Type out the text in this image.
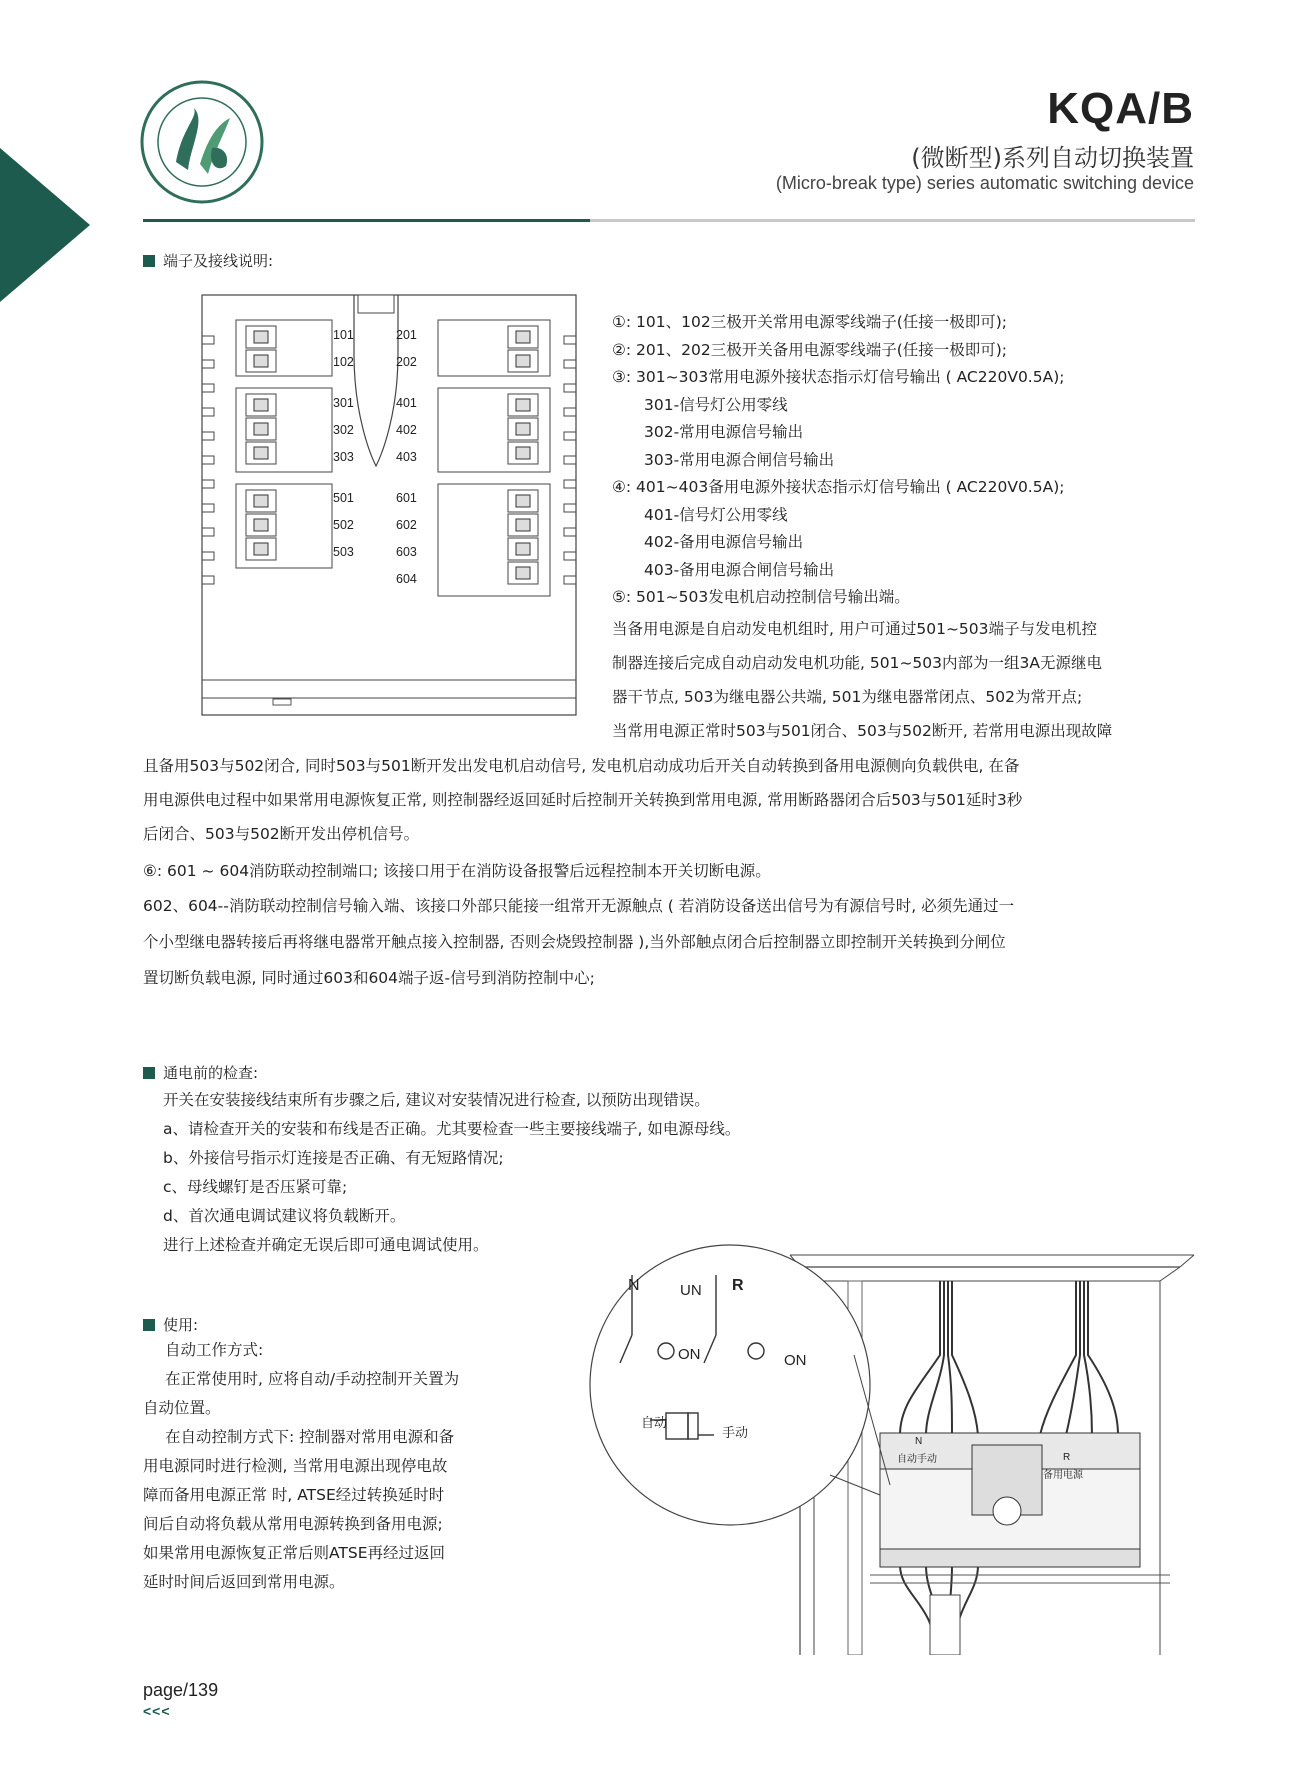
KQA/B
(微断型)系列自动切换装置
(Micro-break type) series automatic switching device
端子及接线说明:
101
102
301
302
303
501
502
503
201
202
401
402
403
601
602
603
604
①: 101、102三极开关常用电源零线端子(任接一极即可);
②: 201、202三极开关备用电源零线端子(任接一极即可);
③: 301~303常用电源外接状态指示灯信号输出 ( AC220V0.5A);
301-信号灯公用零线
302-常用电源信号输出
303-常用电源合闸信号输出
④: 401~403备用电源外接状态指示灯信号输出 ( AC220V0.5A);
401-信号灯公用零线
402-备用电源信号输出
403-备用电源合闸信号输出
⑤: 501~503发电机启动控制信号输出端。
当备用电源是自启动发电机组时, 用户可通过501~503端子与发电机控
制器连接后完成自动启动发电机功能, 501~503内部为一组3A无源继电
器干节点, 503为继电器公共端, 501为继电器常闭点、502为常开点;
当常用电源正常时503与501闭合、503与502断开, 若常用电源出现故障
且备用503与502闭合, 同时503与501断开发出发电机启动信号, 发电机启动成功后开关自动转换到备用电源侧向负载供电, 在备
用电源供电过程中如果常用电源恢复正常, 则控制器经返回延时后控制开关转换到常用电源, 常用断路器闭合后503与501延时3秒
后闭合、503与502断开发出停机信号。
⑥: 601 ~ 604消防联动控制端口; 该接口用于在消防设备报警后远程控制本开关切断电源。
602、604--消防联动控制信号输入端、该接口外部只能接一组常开无源触点 ( 若消防设备送出信号为有源信号时, 必须先通过一
个小型继电器转接后再将继电器常开触点接入控制器, 否则会烧毁控制器 ),当外部触点闭合后控制器立即控制开关转换到分闸位
置切断负载电源, 同时通过603和604端子返-信号到消防控制中心;
通电前的检查:
开关在安装接线结束所有步骤之后, 建议对安装情况进行检查, 以预防出现错误。
a、请检查开关的安装和布线是否正确。尤其要检查一些主要接线端子, 如电源母线。
b、外接信号指示灯连接是否正确、有无短路情况;
c、母线螺钉是否压紧可靠;
d、首次通电调试建议将负载断开。
进行上述检查并确定无误后即可通电调试使用。
使用:
自动工作方式:
在正常使用时, 应将自动/手动控制开关置为
自动位置。
在自动控制方式下: 控制器对常用电源和备
用电源同时进行检测, 当常用电源出现停电故
障而备用电源正常 时, ATSE经过转换延时时
间后自动将负载从常用电源转换到备用电源;
如果常用电源恢复正常后则ATSE再经过返回
延时时间后返回到常用电源。
N	UN R
ON	ON
自动
手动
N
自动手动	R
备用电源
page/139
<<<
